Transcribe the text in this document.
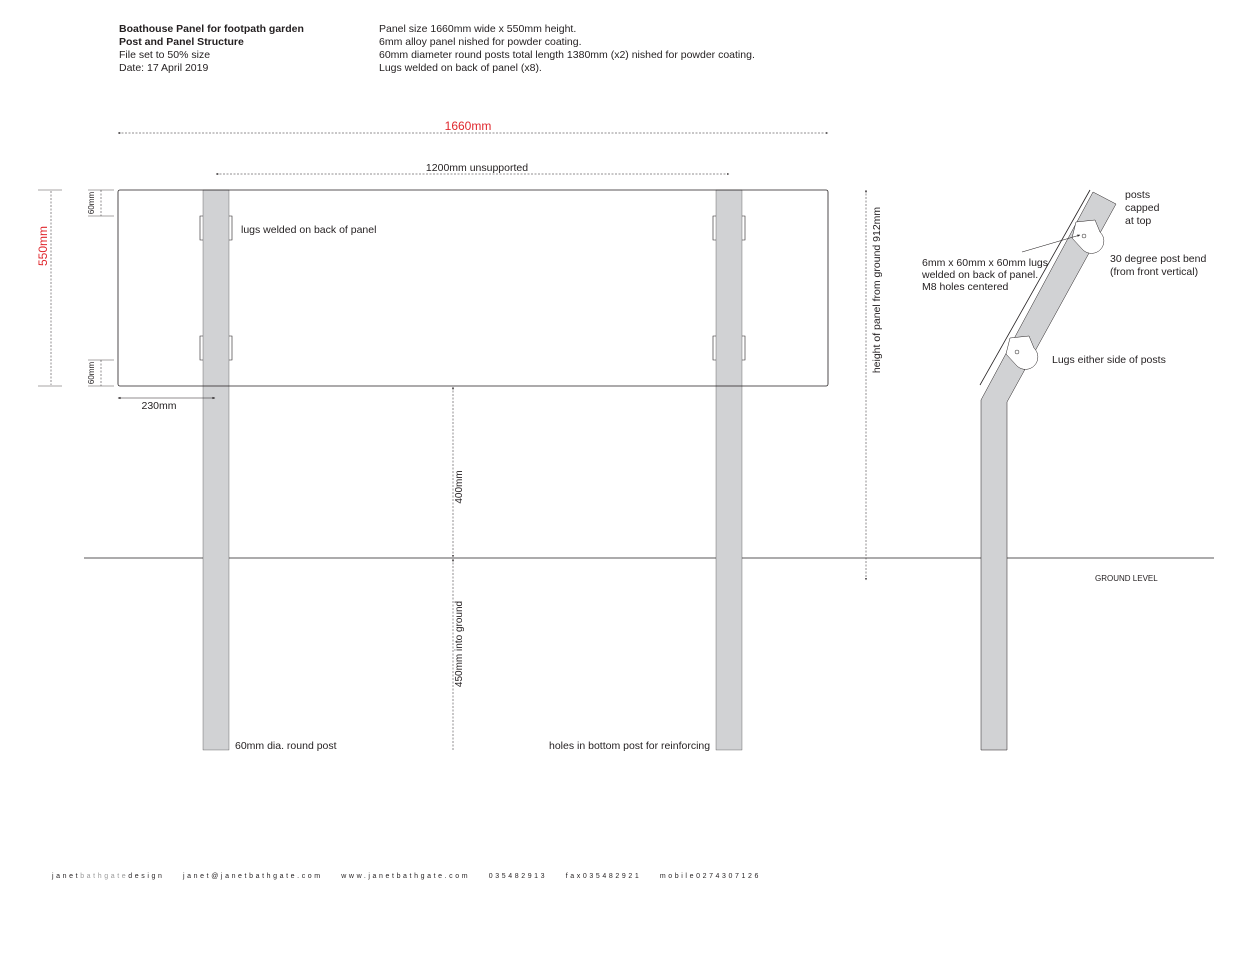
Boathouse Panel for footpath garden
Post and Panel Structure
File set to 50% size
Date: 17 April 2019
Panel size 1660mm wide x 550mm height.
6mm alloy panel nished for powder coating.
60mm diameter round posts total length 1380mm (x2) nished for powder coating.
Lugs welded on back of panel (x8).
1660mm
1200mm unsupported
550mm
60mm
60mm
230mm
lugs welded on back of panel
400mm
450mm into ground
60mm dia. round post	holes in bottom post for reinforcing
height of panel from ground 912mm
posts
capped
at top
6mm x 60mm x 60mm lugs
welded on back of panel.
M8 holes centered
30 degree post bend
(from front vertical)
Lugs either side of posts
GROUND LEVEL
janetbathgatedesign	janet@janetbathgate.com	www.janetbathgate.com	035482913	fax035482921	mobile0274307126
